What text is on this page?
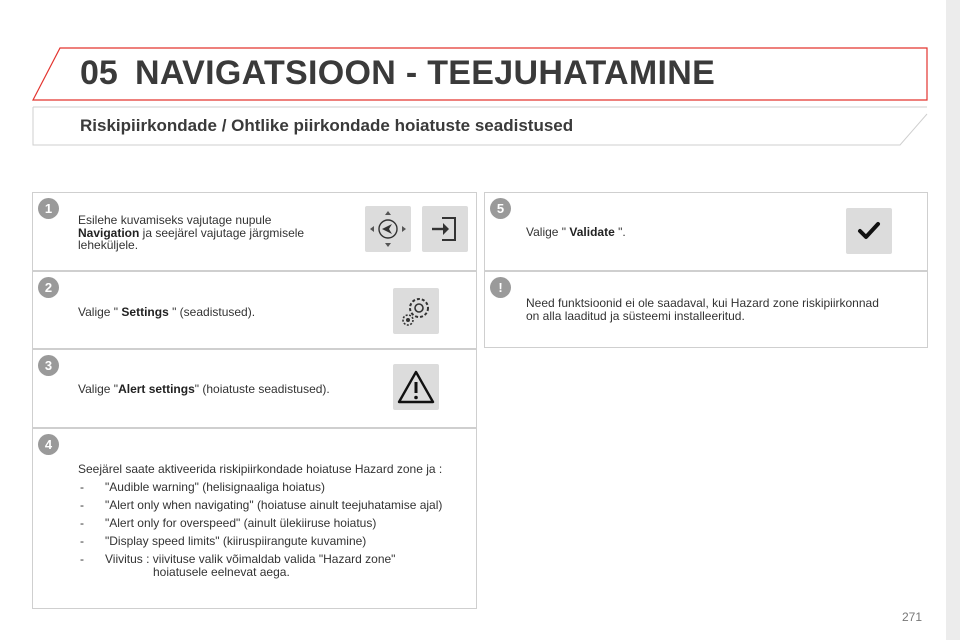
05 NAVIGATSIOON - TEEJUHATAMINE
Riskipiirkondade / Ohtlike piirkondade hoiatuste seadistused
1
Esilehe kuvamiseks vajutage nupule
Navigation ja seejärel vajutage järgmisele
leheküljele.
2
Valige " Settings " (seadistused).
3
Valige "Alert settings" (hoiatuste seadistused).
4
Seejärel saate aktiveerida riskipiirkondade hoiatuse Hazard zone ja :
- "Audible warning" (helisignaaliga hoiatus)
- "Alert only when navigating" (hoiatuse ainult teejuhatamise ajal)
- "Alert only for overspeed" (ainult ülekiiruse hoiatus)
- "Display speed limits" (kiiruspiirangute kuvamine)
- Viivitus : viivituse valik võimaldab valida "Hazard zone"
hoiatusele eelnevat aega.
5
Valige " Validate ".
!
Need funktsioonid ei ole saadaval, kui Hazard zone riskipiirkonnad
on alla laaditud ja süsteemi installeeritud.
271
